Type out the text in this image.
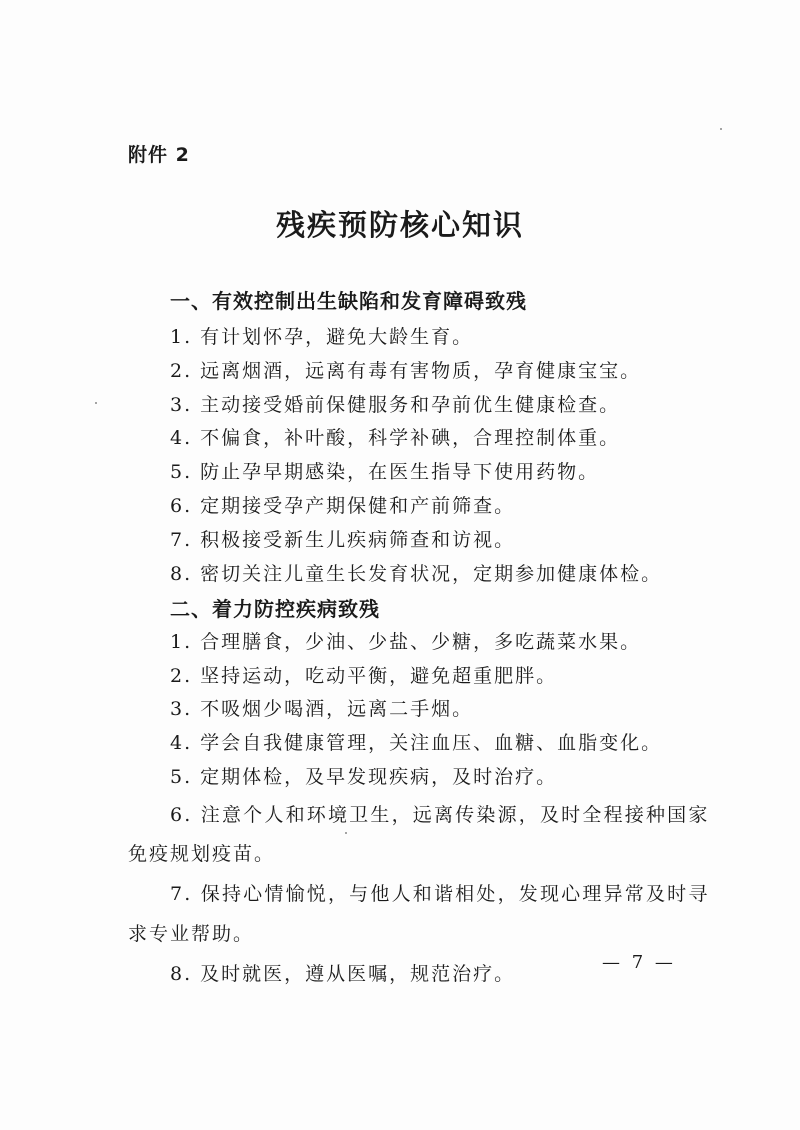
附件 2
残疾预防核心知识
一、有效控制出生缺陷和发育障碍致残
1. 有计划怀孕，避免大龄生育。
2. 远离烟酒，远离有毒有害物质，孕育健康宝宝。
3. 主动接受婚前保健服务和孕前优生健康检查。
4. 不偏食，补叶酸，科学补碘，合理控制体重。
5. 防止孕早期感染，在医生指导下使用药物。
6. 定期接受孕产期保健和产前筛查。
7. 积极接受新生儿疾病筛查和访视。
8. 密切关注儿童生长发育状况，定期参加健康体检。
二、着力防控疾病致残
1. 合理膳食，少油、少盐、少糖，多吃蔬菜水果。
2. 坚持运动，吃动平衡，避免超重肥胖。
3. 不吸烟少喝酒，远离二手烟。
4. 学会自我健康管理，关注血压、血糖、血脂变化。
5. 定期体检，及早发现疾病，及时治疗。
6. 注意个人和环境卫生，远离传染源，及时全程接种国家
免疫规划疫苗。
7. 保持心情愉悦，与他人和谐相处，发现心理异常及时寻
求专业帮助。
8. 及时就医，遵从医嘱，规范治疗。
— 7 —
